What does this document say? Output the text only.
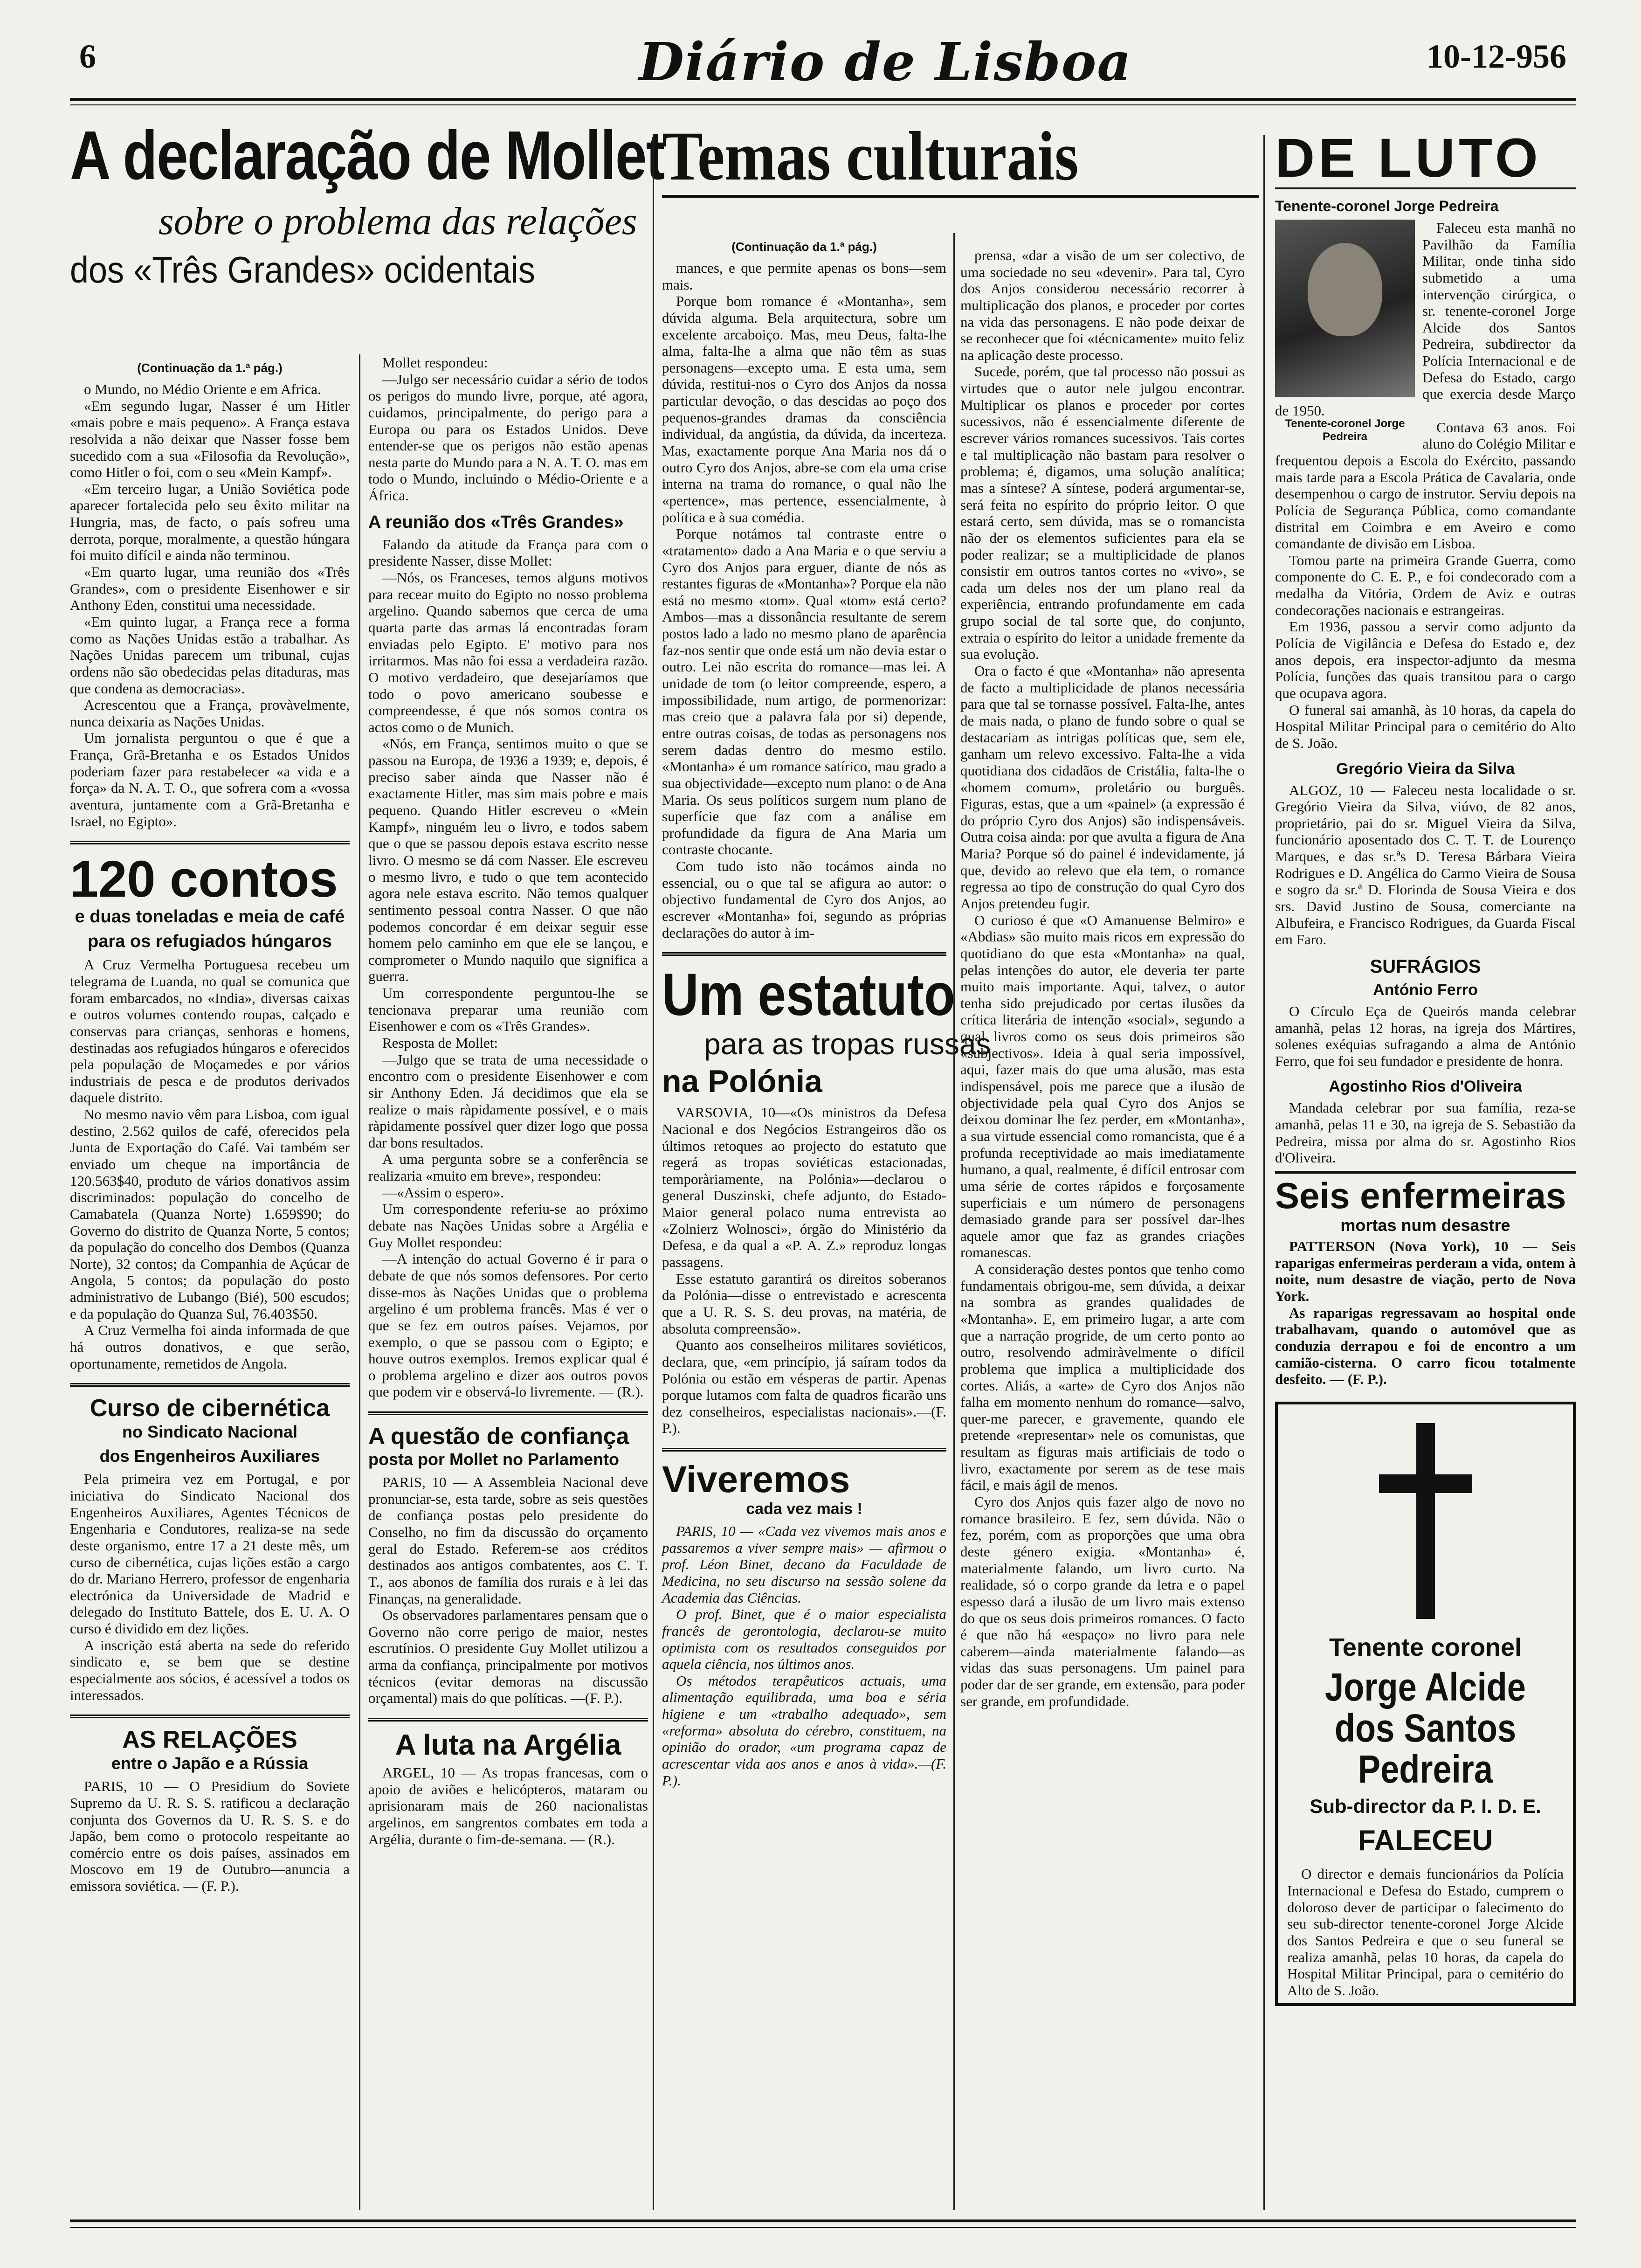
6	Diário de Lisboa	10-12-956
A declaração de Mollet
sobre o problema das relações
dos «Três Grandes» ocidentais
(Continuação da 1.ª pág.)

o Mundo, no Médio Oriente e em Africa.

«Em segundo lugar, Nasser é um Hitler «mais pobre e mais pequeno». A França estava resolvida a não deixar que Nasser fosse bem sucedido com a sua «Filosofia da Revolução», como Hitler o foi, com o seu «Mein Kampf».

«Em terceiro lugar, a União Soviética pode aparecer fortalecida pelo seu êxito militar na Hungria, mas, de facto, o país sofreu uma derrota, porque, moralmente, a questão húngara foi muito difícil e ainda não terminou.

«Em quarto lugar, uma reunião dos «Três Grandes», com o presidente Eisenhower e sir Anthony Eden, constitui uma necessidade.

«Em quinto lugar, a França rece a forma como as Nações Unidas estão a trabalhar. As Nações Unidas parecem um tribunal, cujas ordens não são obedecidas pelas ditaduras, mas que condena as democracias».

Acrescentou que a França, provàvelmente, nunca deixaria as Nações Unidas.

Um jornalista perguntou o que é que a França, Grã-Bretanha e os Estados Unidos poderiam fazer para restabelecer «a vida e a força» da N. A. T. O., que sofrera com a «vossa aventura, juntamente com a Grã-Bretanha e Israel, no Egipto».

120 contos
e duas toneladas e meia de café
para os refugiados húngaros

A Cruz Vermelha Portuguesa recebeu um telegrama de Luanda, no qual se comunica que foram embarcados, no «India», diversas caixas e outros volumes contendo roupas, calçado e conservas para crianças, senhoras e homens, destinadas aos refugiados húngaros e oferecidos pela população de Moçamedes e por vários industriais de pesca e de produtos derivados daquele distrito.

No mesmo navio vêm para Lisboa, com igual destino, 2.562 quilos de café, oferecidos pela Junta de Exportação do Café. Vai também ser enviado um cheque na importância de 120.563$40, produto de vários donativos assim discriminados: população do concelho de Camabatela (Quanza Norte) 1.659$90; do Governo do distrito de Quanza Norte, 5 contos; da população do concelho dos Dembos (Quanza Norte), 32 contos; da Companhia de Açúcar de Angola, 5 contos; da população do posto administrativo de Lubango (Bié), 500 escudos; e da população do Quanza Sul, 76.403$50.

A Cruz Vermelha foi ainda informada de que há outros donativos, e que serão, oportunamente, remetidos de Angola.

Curso de cibernética
no Sindicato Nacional
dos Engenheiros Auxiliares

Pela primeira vez em Portugal, e por iniciativa do Sindicato Nacional dos Engenheiros Auxiliares, Agentes Técnicos de Engenharia e Condutores, realiza-se na sede deste organismo, entre 17 a 21 deste mês, um curso de cibernética, cujas lições estão a cargo do dr. Mariano Herrero, professor de engenharia electrónica da Universidade de Madrid e delegado do Instituto Battele, dos E. U. A. O curso é dividido em dez lições.

A inscrição está aberta na sede do referido sindicato e, se bem que se destine especialmente aos sócios, é acessível a todos os interessados.

AS RELAÇÕES
entre o Japão e a Rússia

PARIS, 10 — O Presidium do Soviete Supremo da U. R. S. S. ratificou a declaração conjunta dos Governos da U. R. S. S. e do Japão, bem como o protocolo respeitante ao comércio entre os dois países, assinados em Moscovo em 19 de Outubro—anuncia a emissora soviética. — (F. P.).

Mollet respondeu:

—Julgo ser necessário cuidar a sério de todos os perigos do mundo livre, porque, até agora, cuidamos, principalmente, do perigo para a Europa ou para os Estados Unidos. Deve entender-se que os perigos não estão apenas nesta parte do Mundo para a N. A. T. O. mas em todo o Mundo, incluindo o Médio-Oriente e a África.

A reunião dos «Três Grandes»

Falando da atitude da França para com o presidente Nasser, disse Mollet:

—Nós, os Franceses, temos alguns motivos para recear muito do Egipto no nosso problema argelino. Quando sabemos que cerca de uma quarta parte das armas lá encontradas foram enviadas pelo Egipto. E' motivo para nos irritarmos. Mas não foi essa a verdadeira razão. O motivo verdadeiro, que desejaríamos que todo o povo americano soubesse e compreendesse, é que nós somos contra os actos como o de Munich.

«Nós, em França, sentimos muito o que se passou na Europa, de 1936 a 1939; e, depois, é preciso saber ainda que Nasser não é exactamente Hitler, mas sim mais pobre e mais pequeno. Quando Hitler escreveu o «Mein Kampf», ninguém leu o livro, e todos sabem que o que se passou depois estava escrito nesse livro. O mesmo se dá com Nasser. Ele escreveu o mesmo livro, e tudo o que tem acontecido agora nele estava escrito. Não temos qualquer sentimento pessoal contra Nasser. O que não podemos concordar é em deixar seguir esse homem pelo caminho em que ele se lançou, e comprometer o Mundo naquilo que significa a guerra.

Um correspondente perguntou-lhe se tencionava preparar uma reunião com Eisenhower e com os «Três Grandes».

Resposta de Mollet:

—Julgo que se trata de uma necessidade o encontro com o presidente Eisenhower e com sir Anthony Eden. Já decidimos que ela se realize o mais ràpidamente possível, e o mais ràpidamente possível quer dizer logo que possa dar bons resultados.

A uma pergunta sobre se a conferência se realizaria «muito em breve», respondeu:

—«Assim o espero».

Um correspondente referiu-se ao próximo debate nas Nações Unidas sobre a Argélia e Guy Mollet respondeu:

—A intenção do actual Governo é ir para o debate de que nós somos defensores. Por certo disse-mos às Nações Unidas que o problema argelino é um problema francês. Mas é ver o que se fez em outros países. Vejamos, por exemplo, o que se passou com o Egipto; e houve outros exemplos. Iremos explicar qual é o problema argelino e dizer aos outros povos que podem vir e observá-lo livremente. — (R.).

A questão de confiança
posta por Mollet no Parlamento

PARIS, 10 — A Assembleia Nacional deve pronunciar-se, esta tarde, sobre as seis questões de confiança postas pelo presidente do Conselho, no fim da discussão do orçamento geral do Estado. Referem-se aos créditos destinados aos antigos combatentes, aos C. T. T., aos abonos de família dos rurais e à lei das Finanças, na generalidade.

Os observadores parlamentares pensam que o Governo não corre perigo de maior, nestes escrutínios. O presidente Guy Mollet utilizou a arma da confiança, principalmente por motivos técnicos (evitar demoras na discussão orçamental) mais do que políticas. —(F. P.).

A luta na Argélia

ARGEL, 10 — As tropas francesas, com o apoio de aviões e helicópteros, mataram ou aprisionaram mais de 260 nacionalistas argelinos, em sangrentos combates em toda a Argélia, durante o fim-de-semana. — (R.).

Temas culturais
(Continuação da 1.ª pág.)

mances, e que permite apenas os bons—sem mais.

Porque bom romance é «Montanha», sem dúvida alguma. Bela arquitectura, sobre um excelente arcaboiço. Mas, meu Deus, falta-lhe alma, falta-lhe a alma que não têm as suas personagens—excepto uma. E esta uma, sem dúvida, restitui-nos o Cyro dos Anjos da nossa particular devoção, o das descidas ao poço dos pequenos-grandes dramas da consciência individual, da angústia, da dúvida, da incerteza. Mas, exactamente porque Ana Maria nos dá o outro Cyro dos Anjos, abre-se com ela uma crise interna na trama do romance, o qual não lhe «pertence», mas pertence, essencialmente, à política e à sua comédia.

Porque notámos tal contraste entre o «tratamento» dado a Ana Maria e o que serviu a Cyro dos Anjos para erguer, diante de nós as restantes figuras de «Montanha»? Porque ela não está no mesmo «tom». Qual «tom» está certo? Ambos—mas a dissonância resultante de serem postos lado a lado no mesmo plano de aparência faz-nos sentir que onde está um não devia estar o outro. Lei não escrita do romance—mas lei. A unidade de tom (o leitor compreende, espero, a impossibilidade, num artigo, de pormenorizar: mas creio que a palavra fala por si) depende, entre outras coisas, de todas as personagens nos serem dadas dentro do mesmo estilo. «Montanha» é um romance satírico, mau grado a sua objectividade—excepto num plano: o de Ana Maria. Os seus políticos surgem num plano de superfície que faz com a análise em profundidade da figura de Ana Maria um contraste chocante.

Com tudo isto não tocámos ainda no essencial, ou o que tal se afigura ao autor: o objectivo fundamental de Cyro dos Anjos, ao escrever «Montanha» foi, segundo as próprias declarações do autor à im-

Um estatuto
para as tropas russas
na Polónia

VARSOVIA, 10—«Os ministros da Defesa Nacional e dos Negócios Estrangeiros dão os últimos retoques ao projecto do estatuto que regerá as tropas soviéticas estacionadas, temporàriamente, na Polónia»—declarou o general Duszinski, chefe adjunto, do Estado-Maior general polaco numa entrevista ao «Zolnierz Wolnosci», órgão do Ministério da Defesa, e da qual a «P. A. Z.» reproduz longas passagens.

Esse estatuto garantirá os direitos soberanos da Polónia—disse o entrevistado e acrescenta que a U. R. S. S. deu provas, na matéria, de absoluta compreensão».

Quanto aos conselheiros militares soviéticos, declara, que, «em princípio, já saíram todos da Polónia ou estão em vésperas de partir. Apenas porque lutamos com falta de quadros ficarão uns dez conselheiros, especialistas nacionais».—(F. P.).

Viveremos
cada vez mais !

PARIS, 10 — «Cada vez vivemos mais anos e passaremos a viver sempre mais» — afirmou o prof. Léon Binet, decano da Faculdade de Medicina, no seu discurso na sessão solene da Academia das Ciências.

O prof. Binet, que é o maior especialista francês de gerontologia, declarou-se muito optimista com os resultados conseguidos por aquela ciência, nos últimos anos.

Os métodos terapêuticos actuais, uma alimentação equilibrada, uma boa e séria higiene e um «trabalho adequado», sem «reforma» absoluta do cérebro, constituem, na opinião do orador, «um programa capaz de acrescentar vida aos anos e anos à vida».—(F. P.).

prensa, «dar a visão de um ser colectivo, de uma sociedade no seu «devenir». Para tal, Cyro dos Anjos considerou necessário recorrer à multiplicação dos planos, e proceder por cortes na vida das personagens. E não pode deixar de se reconhecer que foi «técnicamente» muito feliz na aplicação deste processo.

Sucede, porém, que tal processo não possui as virtudes que o autor nele julgou encontrar. Multiplicar os planos e proceder por cortes sucessivos, não é essencialmente diferente de escrever vários romances sucessivos. Tais cortes e tal multiplicação não bastam para resolver o problema; é, digamos, uma solução analítica; mas a síntese? A síntese, poderá argumentar-se, será feita no espírito do próprio leitor. O que estará certo, sem dúvida, mas se o romancista não der os elementos suficientes para ela se poder realizar; se a multiplicidade de planos consistir em outros tantos cortes no «vivo», se cada um deles nos der um plano real da experiência, entrando profundamente em cada grupo social de tal sorte que, do conjunto, extraia o espírito do leitor a unidade fremente da sua evolução.

Ora o facto é que «Montanha» não apresenta de facto a multiplicidade de planos necessária para que tal se tornasse possível. Falta-lhe, antes de mais nada, o plano de fundo sobre o qual se destacariam as intrigas políticas que, sem ele, ganham um relevo excessivo. Falta-lhe a vida quotidiana dos cidadãos de Cristália, falta-lhe o «homem comum», proletário ou burguês. Figuras, estas, que a um «painel» (a expressão é do próprio Cyro dos Anjos) são indispensáveis. Outra coisa ainda: por que avulta a figura de Ana Maria? Porque só do painel é indevidamente, já que, devido ao relevo que ela tem, o romance regressa ao tipo de construção do qual Cyro dos Anjos pretendeu fugir.

O curioso é que «O Amanuense Belmiro» e «Abdias» são muito mais ricos em expressão do quotidiano do que esta «Montanha» na qual, pelas intenções do autor, ele deveria ter parte muito mais importante. Aqui, talvez, o autor tenha sido prejudicado por certas ilusões da crítica literária de intenção «social», segundo a qual livros como os seus dois primeiros são «subjectivos». Ideia à qual seria impossível, aqui, fazer mais do que uma alusão, mas esta indispensável, pois me parece que a ilusão de objectividade pela qual Cyro dos Anjos se deixou dominar lhe fez perder, em «Montanha», a sua virtude essencial como romancista, que é a profunda receptividade ao mais imediatamente humano, a qual, realmente, é difícil entrosar com uma série de cortes rápidos e forçosamente superficiais e um número de personagens demasiado grande para ser possível dar-lhes aquele amor que faz as grandes criações romanescas.

A consideração destes pontos que tenho como fundamentais obrigou-me, sem dúvida, a deixar na sombra as grandes qualidades de «Montanha». E, em primeiro lugar, a arte com que a narração progride, de um certo ponto ao outro, resolvendo admiràvelmente o difícil problema que implica a multiplicidade dos cortes. Aliás, a «arte» de Cyro dos Anjos não falha em momento nenhum do romance—salvo, quer-me parecer, e gravemente, quando ele pretende «representar» nele os comunistas, que resultam as figuras mais artificiais de todo o livro, exactamente por serem as de tese mais fácil, e mais ágil de menos.

Cyro dos Anjos quis fazer algo de novo no romance brasileiro. E fez, sem dúvida. Não o fez, porém, com as proporções que uma obra deste género exigia. «Montanha» é, materialmente falando, um livro curto. Na realidade, só o corpo grande da letra e o papel espesso dará a ilusão de um livro mais extenso do que os seus dois primeiros romances. O facto é que não há «espaço» no livro para nele caberem—ainda materialmente falando—as vidas das suas personagens. Um painel para poder dar de ser grande, em extensão, para poder ser grande, em profundidade.

DE LUTO
Tenente-coronel Jorge Pedreira

Faleceu esta manhã no Pavilhão da Família Militar, onde tinha sido submetido a uma intervenção cirúrgica, o sr. tenente-coronel Jorge Alcide dos Santos Pedreira, subdirector da Polícia Internacional e de Defesa do Estado, cargo que exercia desde Março de 1950.

Tenente-coronel Jorge Pedreira

Contava 63 anos. Foi aluno do Colégio Militar e frequentou depois a Escola do Exército, passando mais tarde para a Escola Prática de Cavalaria, onde desempenhou o cargo de instrutor. Serviu depois na Polícia de Segurança Pública, como comandante distrital em Coimbra e em Aveiro e como comandante de divisão em Lisboa.

Tomou parte na primeira Grande Guerra, como componente do C. E. P., e foi condecorado com a medalha da Vitória, Ordem de Aviz e outras condecorações nacionais e estrangeiras.

Em 1936, passou a servir como adjunto da Polícia de Vigilância e Defesa do Estado e, dez anos depois, era inspector-adjunto da mesma Polícia, funções das quais transitou para o cargo que ocupava agora.

O funeral sai amanhã, às 10 horas, da capela do Hospital Militar Principal para o cemitério do Alto de S. João.

Gregório Vieira da Silva

ALGOZ, 10 — Faleceu nesta localidade o sr. Gregório Vieira da Silva, viúvo, de 82 anos, proprietário, pai do sr. Miguel Vieira da Silva, funcionário aposentado dos C. T. T. de Lourenço Marques, e das sr.ªs D. Teresa Bárbara Vieira Rodrigues e D. Angélica do Carmo Vieira de Sousa e sogro da sr.ª D. Florinda de Sousa Vieira e dos srs. David Justino de Sousa, comerciante na Albufeira, e Francisco Rodrigues, da Guarda Fiscal em Faro.

SUFRÁGIOS
António Ferro

O Círculo Eça de Queirós manda celebrar amanhã, pelas 12 horas, na igreja dos Mártires, solenes exéquias sufragando a alma de António Ferro, que foi seu fundador e presidente de honra.

Agostinho Rios d'Oliveira

Mandada celebrar por sua família, reza-se amanhã, pelas 11 e 30, na igreja de S. Sebastião da Pedreira, missa por alma do sr. Agostinho Rios d'Oliveira.

Seis enfermeiras
mortas num desastre

PATTERSON (Nova York), 10 — Seis raparigas enfermeiras perderam a vida, ontem à noite, num desastre de viação, perto de Nova York.

As raparigas regressavam ao hospital onde trabalhavam, quando o automóvel que as conduzia derrapou e foi de encontro a um camião-cisterna. O carro ficou totalmente desfeito. — (F. P.).

Tenente coronel
Jorge Alcide dos Santos Pedreira
Sub-director da P. I. D. E.
FALECEU

O director e demais funcionários da Polícia Internacional e Defesa do Estado, cumprem o doloroso dever de participar o falecimento do seu sub-director tenente-coronel Jorge Alcide dos Santos Pedreira e que o seu funeral se realiza amanhã, pelas 10 horas, da capela do Hospital Militar Principal, para o cemitério do Alto de S. João.
